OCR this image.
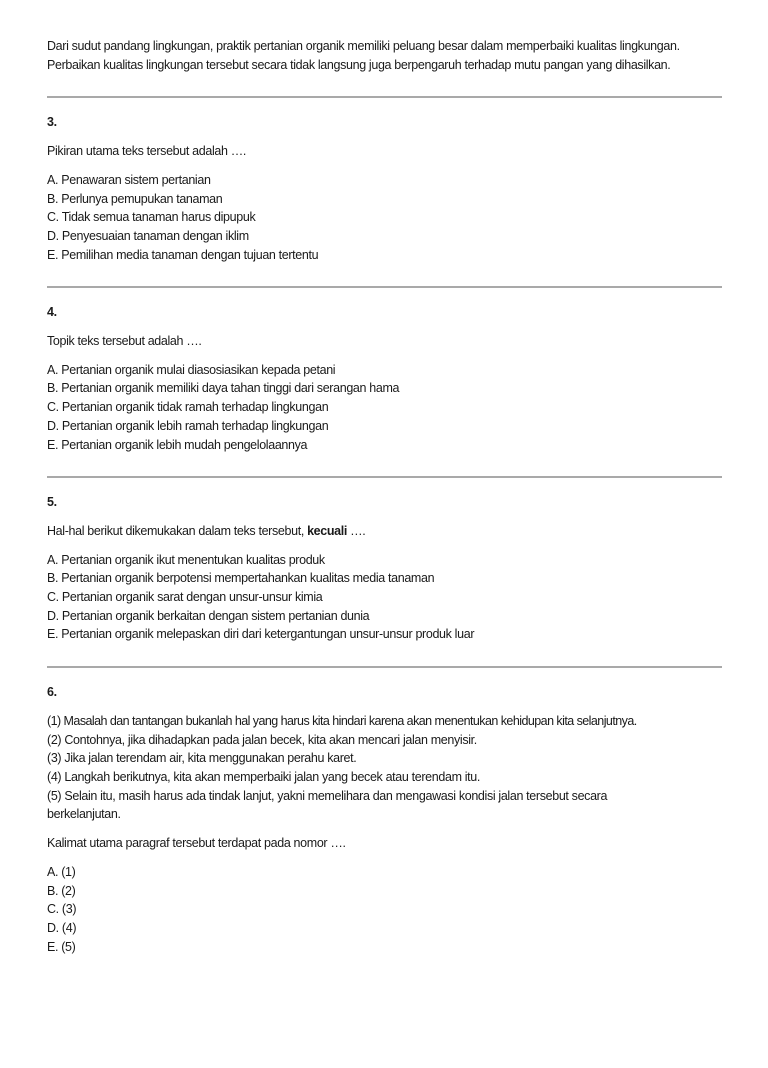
Dari sudut pandang lingkungan, praktik pertanian organik memiliki peluang besar dalam memperbaiki kualitas lingkungan. Perbaikan kualitas lingkungan tersebut secara tidak langsung juga berpengaruh terhadap mutu pangan yang dihasilkan.
3.
Pikiran utama teks tersebut adalah ….
A. Penawaran sistem pertanian
B. Perlunya pemupukan tanaman
C. Tidak semua tanaman harus dipupuk
D. Penyesuaian tanaman dengan iklim
E. Pemilihan media tanaman dengan tujuan tertentu
4.
Topik teks tersebut adalah ….
A. Pertanian organik mulai diasosiasikan kepada petani
B. Pertanian organik memiliki daya tahan tinggi dari serangan hama
C. Pertanian organik tidak ramah terhadap lingkungan
D. Pertanian organik lebih ramah terhadap lingkungan
E. Pertanian organik lebih mudah pengelolaannya
5.
Hal-hal berikut dikemukakan dalam teks tersebut, kecuali ….
A. Pertanian organik ikut menentukan kualitas produk
B. Pertanian organik berpotensi mempertahankan kualitas media tanaman
C. Pertanian organik sarat dengan unsur-unsur kimia
D. Pertanian organik berkaitan dengan sistem pertanian dunia
E. Pertanian organik melepaskan diri dari ketergantungan unsur-unsur produk luar
6.
(1) Masalah dan tantangan bukanlah hal yang harus kita hindari karena akan menentukan kehidupan kita selanjutnya.
(2) Contohnya, jika dihadapkan pada jalan becek, kita akan mencari jalan menyisir.
(3) Jika jalan terendam air, kita menggunakan perahu karet.
(4) Langkah berikutnya, kita akan memperbaiki jalan yang becek atau terendam itu.
(5) Selain itu, masih harus ada tindak lanjut, yakni memelihara dan mengawasi kondisi jalan tersebut secara berkelanjutan.
Kalimat utama paragraf tersebut terdapat pada nomor ….
A. (1)
B. (2)
C. (3)
D. (4)
E. (5)
